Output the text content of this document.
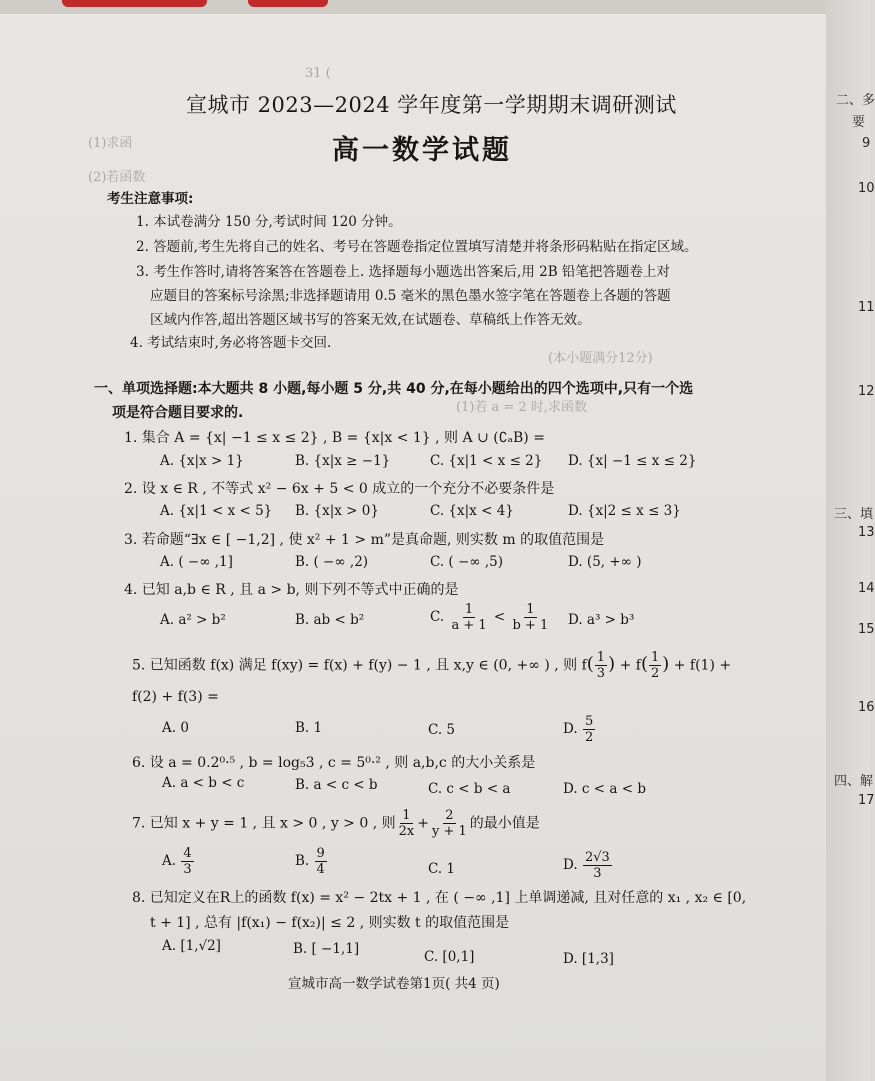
31 (
(1)求函
(2)若函数
(本小题满分12分)
(1)若 a = 2 时,求函数
宣城市 2023—2024 学年度第一学期期末调研测试
高一数学试题
考生注意事项:
1. 本试卷满分 150 分,考试时间 120 分钟。
2. 答题前,考生先将自己的姓名、考号在答题卷指定位置填写清楚并将条形码粘贴在指定区域。
3. 考生作答时,请将答案答在答题卷上. 选择题每小题选出答案后,用 2B 铅笔把答题卷上对
应题目的答案标号涂黑;非选择题请用 0.5 毫米的黑色墨水签字笔在答题卷上各题的答题
区域内作答,超出答题区域书写的答案无效,在试题卷、草稿纸上作答无效。
4. 考试结束时,务必将答题卡交回.
一、单项选择题:本大题共 8 小题,每小题 5 分,共 40 分,在每小题给出的四个选项中,只有一个选
项是符合题目要求的.
1. 集合 A = {x| −1 ≤ x ≤ 2} , B = {x|x < 1} , 则 A ∪ (∁ₐB) =
A. {x|x > 1}	B. {x|x ≥ −1}	C. {x|1 < x ≤ 2} D. {x| −1 ≤ x ≤ 2}
2. 设 x ∈ R , 不等式 x² − 6x + 5 < 0 成立的一个充分不必要条件是
A. {x|1 < x < 5} B. {x|x > 0}	C. {x|x < 4}	D. {x|2 ≤ x ≤ 3}
3. 若命题“∃x ∈ [ −1,2] , 使 x² + 1 > m”是真命题, 则实数 m 的取值范围是
A. ( −∞ ,1]	B. ( −∞ ,2)	C. ( −∞ ,5)	D. (5, +∞ )
4. 已知 a,b ∈ R , 且 a > b, 则下列不等式中正确的是
A. a² > b²	B. ab < b²	C. $\frac{1}{a + 1} < \frac{1}{b + 1} D$. a³ > b³
5. 已知函数 f(x) 满足 f(xy) = f(x) + f(y) − 1 , 且 x,y ∈ (0, +∞ ) , 则 $f( \frac{1}{3}$ ) + $f( \frac{1}{2}$ ) + f(1) +
f(2) + f(3) =
A. 0	B. 1	C. 5	D. $\frac{5}{2}$
6. 设 a = 0.2⁰·⁵ , b = log₅3 , c = 5⁰·² , 则 a,b,c 的大小关系是
A. a < b < c	B. a < c < b	C. c < b < a	D. c < a < b
7. 已知 x + y = 1 , 且 x > 0 , y > 0 , 则 $\frac{1}{2x} + \frac{2}{y + 1}$ 的最小值是
A. $\frac{4}{3}$	B. $\frac{9}{4}$	C. 1	D. $\frac{2√3}{3}$
8. 已知定义在R上的函数 f(x) = x² − 2tx + 1 , 在 ( −∞ ,1] 上单调递减, 且对任意的 x₁ , x₂ ∈ [0,
t + 1] , 总有 |f(x₁) − f(x₂)| ≤ 2 , 则实数 t 的取值范围是
A. [1,√2]	B. [ −1,1]	C. [0,1]	D. [1,3]
宣城市高一数学试卷第1页( 共4 页)
二、多
要
9
10
11
12
三、填
13
14
15
16
四、解
17
